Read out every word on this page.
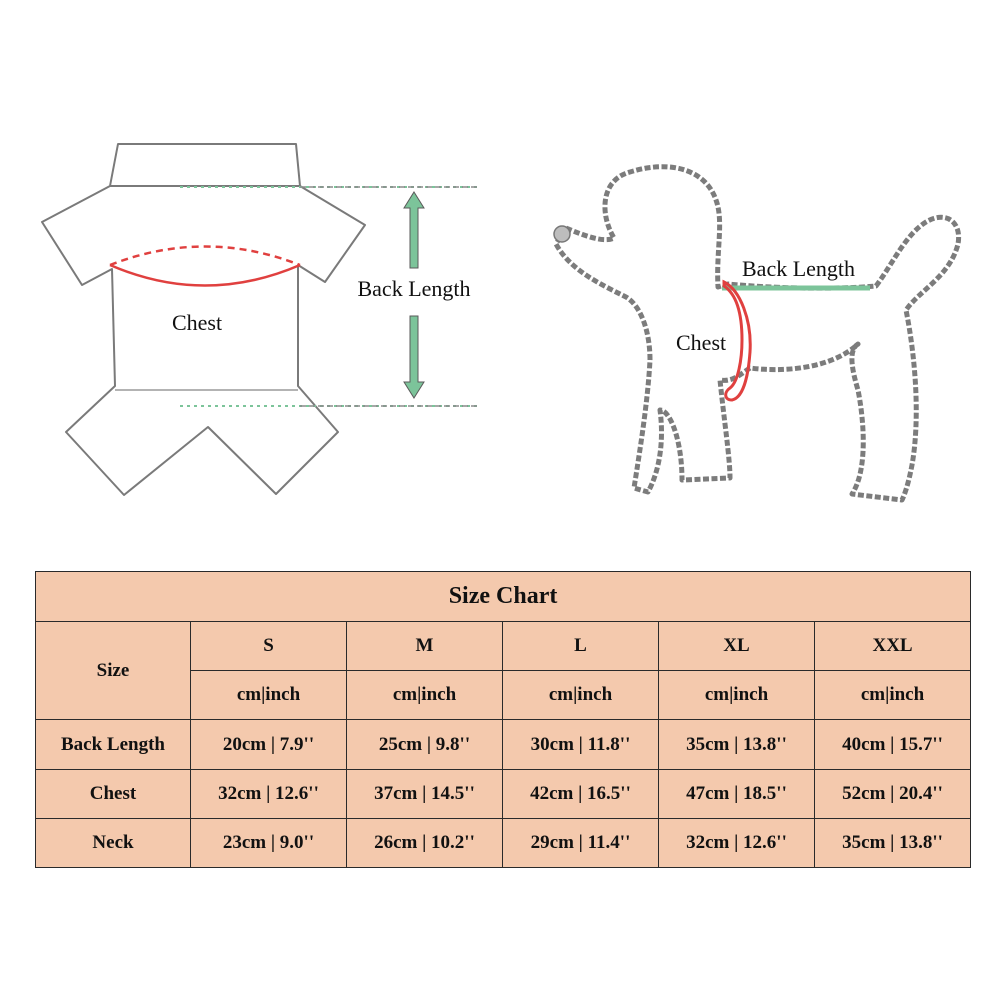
Chest
Back Length
Back Length
Chest
Size Chart					
Size	S	M	L	XL	XXL
	cm|inch	cm|inch	cm|inch	cm|inch	cm|inch
Back Length	20cm | 7.9''	25cm | 9.8''	30cm | 11.8''	35cm | 13.8''	40cm | 15.7''
Chest	32cm | 12.6''	37cm | 14.5''	42cm | 16.5''	47cm | 18.5''	52cm | 20.4''
Neck	23cm | 9.0''	26cm | 10.2''	29cm | 11.4''	32cm | 12.6''	35cm | 13.8''
